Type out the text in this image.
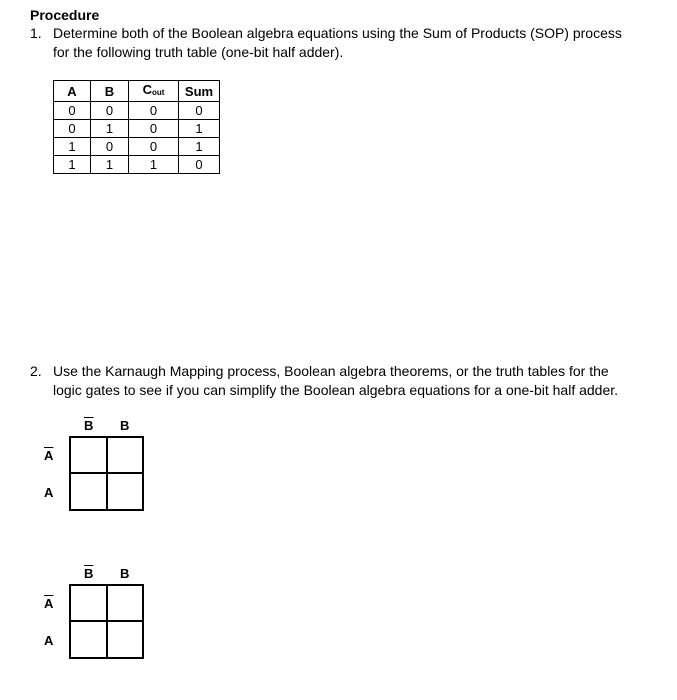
Procedure
1. Determine both of the Boolean algebra equations using the Sum of Products (SOP) process
for the following truth table (one-bit half adder).
A	B	$C_{out}$	Sum
0	0	0	0
0	1	0	1
1	0	0	1
1	1	1	0
2. Use the Karnaugh Mapping process, Boolean algebra theorems, or the truth tables for the
logic gates to see if you can simplify the Boolean algebra equations for a one-bit half adder.
$\overline{B}$ B
$\overline{A}$
A
$\overline{B}$ B
$\overline{A}$
A
